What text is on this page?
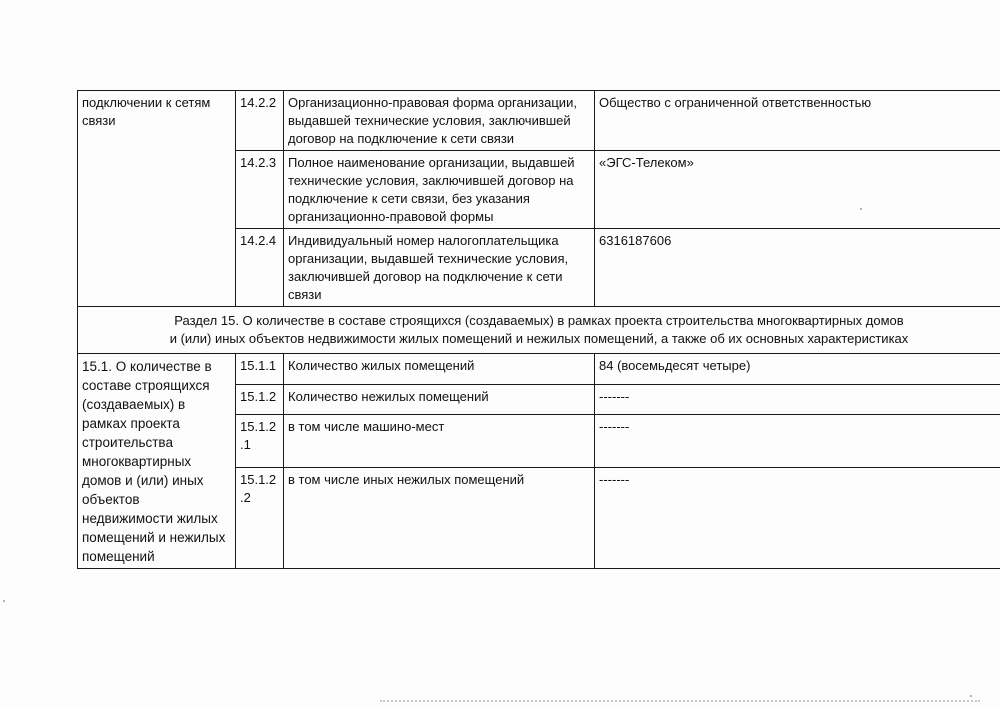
подключении к сетям связи	14.2.2	Организационно-правовая форма организации, выдавшей технические условия, заключившей договор на подключение к сети связи	Общество с ограниченной ответственностью

	14.2.3	Полное наименование организации, выдавшей технические условия, заключившей договор на подключение к сети связи, без указания организационно-правовой формы	«ЭГС-Телеком»

	14.2.4	Индивидуальный номер налогоплательщика организации, выдавшей технические условия, заключившей договор на подключение к сети связи	6316187606

Раздел 15. О количестве в составе строящихся (создаваемых) в рамках проекта строительства многоквартирных домов
и (или) иных объектов недвижимости жилых помещений и нежилых помещений, а также об их основных характеристиках			

15.1. О количестве в составе строящихся (создаваемых) в рамках проекта строительства многоквартирных домов и (или) иных объектов недвижимости жилых помещений и нежилых помещений	15.1.1	Количество жилых помещений	84 (восемьдесят четыре)

	15.1.2	Количество нежилых помещений	-------

	15.1.2.1	в том числе машино-мест	-------

	15.1.2.2	в том числе иных нежилых помещений	-------
